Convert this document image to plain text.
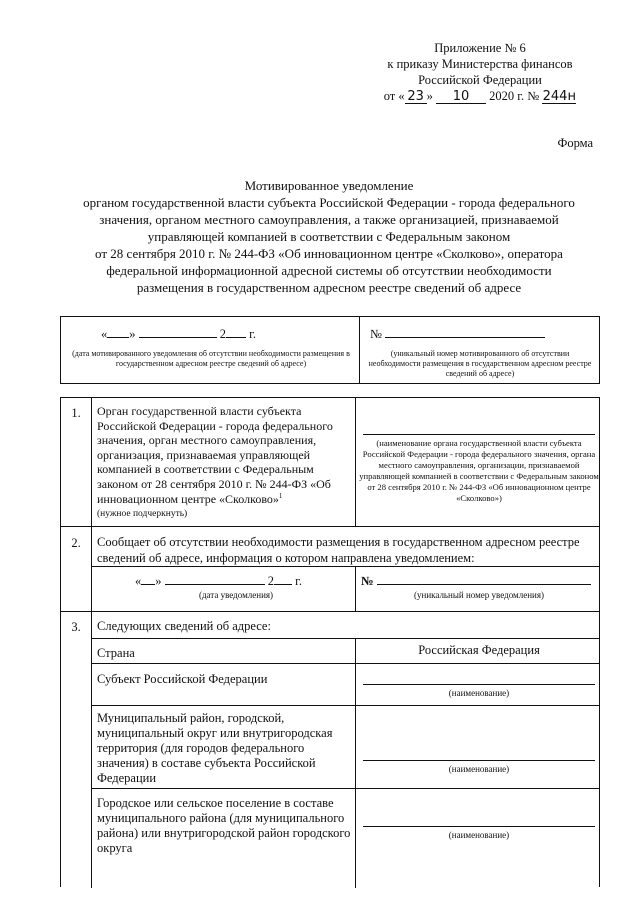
Приложение № 6
к приказу Министерства финансов
Российской Федерации
от « 23 » 10 2020 г. № 244н
Форма
Мотивированное уведомление
органом государственной власти субъекта Российской Федерации - города федерального
значения, органом местного самоуправления, а также организацией, признаваемой
управляющей компанией в соответствии с Федеральным законом
от 28 сентября 2010 г. № 244-ФЗ «Об инновационном центре «Сколково», оператора
федеральной информационной адресной системы об отсутствии необходимости
размещения в государственном адресном реестре сведений об адресе
« »	2 г.
(дата мотивированного уведомления об отсутствии необходимости размещения в государственном адресном реестре сведений об адресе)
№
(уникальный номер мотивированного об отсутствии необходимости размещения в государственном адресном реестре сведений об адресе)
1.	Орган государственной власти субъекта Российской Федерации - города федерального значения, орган местного самоуправления, организация, признаваемая управляющей компанией в соответствии с Федеральным законом от 28 сентября 2010 г. № 244-ФЗ «Об инновационном центре «Сколково»$^1$
(нужное подчеркнуть)
(наименование органа государственной власти субъекта Российской Федерации - города федерального значения, органа местного самоуправления, организации, признаваемой управляющей компанией в соответствии с Федеральным законом от 28 сентября 2010 г. № 244-ФЗ «Об инновационном центре «Сколково»)
2.	Сообщает об отсутствии необходимости размещения в государственном адресном реестре сведений об адресе, информация о котором направлена уведомлением:
« »	2 г.
(дата уведомления)
№
(уникальный номер уведомления)
3.	Следующих сведений об адресе:
Страна	Российская Федерация
Субъект Российской Федерации
(наименование)
Муниципальный район, городской, муниципальный округ или внутригородская территория (для городов федерального значения) в составе субъекта Российской Федерации
(наименование)
Городское или сельское поселение в составе муниципального района (для муниципального района) или внутригородской район городского округа
(наименование)
